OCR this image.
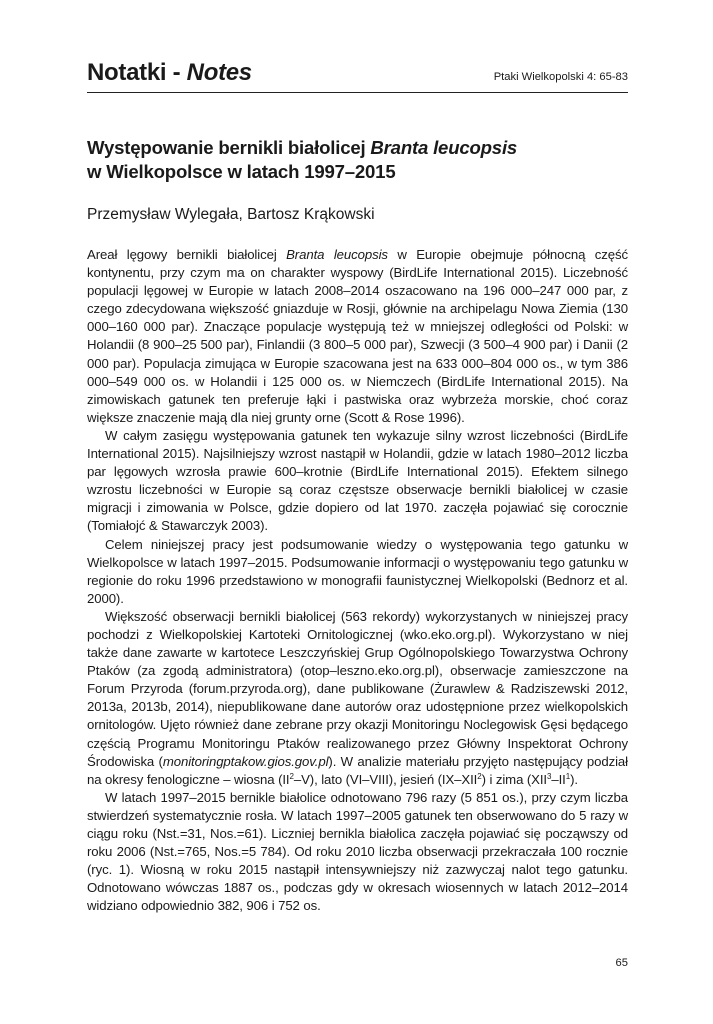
Notatki - Notes	Ptaki Wielkopolski 4: 65-83
Występowanie bernikli białolicej Branta leucopsis
w Wielkopolsce w latach 1997–2015
Przemysław Wylegała, Bartosz Krąkowski

Areał lęgowy bernikli białolicej Branta leucopsis w Europie obejmuje północną część kontynentu, przy czym ma on charakter wyspowy (BirdLife International 2015). Liczebność populacji lęgowej w Europie w latach 2008–2014 oszacowano na 196 000–247 000 par, z czego zdecydowana większość gniazduje w Rosji, głównie na archipelagu Nowa Ziemia (130 000–160 000 par). Znaczące populacje występują też w mniejszej odległości od Polski: w Holandii (8 900–25 500 par), Finlandii (3 800–5 000 par), Szwecji (3 500–4 900 par) i Danii (2 000 par). Populacja zimująca w Europie szacowana jest na 633 000–804 000 os., w tym 386 000–549 000 os. w Holandii i 125 000 os. w Niemczech (BirdLife International 2015). Na zimowiskach gatunek ten preferuje łąki i pastwiska oraz wybrzeża morskie, choć coraz większe znaczenie mają dla niej grunty orne (Scott & Rose 1996).

W całym zasięgu występowania gatunek ten wykazuje silny wzrost liczebności (BirdLife International 2015). Najsilniejszy wzrost nastąpił w Holandii, gdzie w latach 1980–2012 liczba par lęgowych wzrosła prawie 600–krotnie (BirdLife International 2015). Efektem silnego wzrostu liczebności w Europie są coraz częstsze obserwacje bernikli białolicej w czasie migracji i zimowania w Polsce, gdzie dopiero od lat 1970. zaczęła pojawiać się corocznie (Tomiałojć & Stawarczyk 2003).

Celem niniejszej pracy jest podsumowanie wiedzy o występowania tego gatunku w Wielkopolsce w latach 1997–2015. Podsumowanie informacji o występowaniu tego gatunku w regionie do roku 1996 przedstawiono w monografii faunistycznej Wielkopolski (Bednorz et al. 2000).

Większość obserwacji bernikli białolicej (563 rekordy) wykorzystanych w niniejszej pracy pochodzi z Wielkopolskiej Kartoteki Ornitologicznej (wko.eko.org.pl). Wykorzystano w niej także dane zawarte w kartotece Leszczyńskiej Grup Ogólnopolskiego Towarzystwa Ochrony Ptaków (za zgodą administratora) (otop–leszno.eko.org.pl), obserwacje zamieszczone na Forum Przyroda (forum.przyroda.org), dane publikowane (Żurawlew & Radziszewski 2012, 2013a, 2013b, 2014), niepublikowane dane autorów oraz udostępnione przez wielkopolskich ornitologów. Ujęto również dane zebrane przy okazji Monitoringu Noclegowisk Gęsi będącego częścią Programu Monitoringu Ptaków realizowanego przez Główny Inspektorat Ochrony Środowiska (monitoringptakow.gios.gov.pl). W analizie materiału przyjęto następujący podział na okresy fenologiczne – wiosna $(II^2-V)$, lato (VI–VIII), jesień (IX–XII$^2$) i zima $(XII^3-II^1)$.

W latach 1997–2015 bernikle białolice odnotowano 796 razy (5 851 os.), przy czym liczba stwierdzeń systematycznie rosła. W latach 1997–2005 gatunek ten obserwowano do 5 razy w ciągu roku (Nst.=31, Nos.=61). Liczniej bernikla białolica zaczęła pojawiać się począwszy od roku 2006 (Nst.=765, Nos.=5 784). Od roku 2010 liczba obserwacji przekraczała 100 rocznie (ryc. 1). Wiosną w roku 2015 nastąpił intensywniejszy niż zazwyczaj nalot tego gatunku. Odnotowano wówczas 1887 os., podczas gdy w okresach wiosennych w latach 2012–2014 widziano odpowiednio 382, 906 i 752 os.

65
